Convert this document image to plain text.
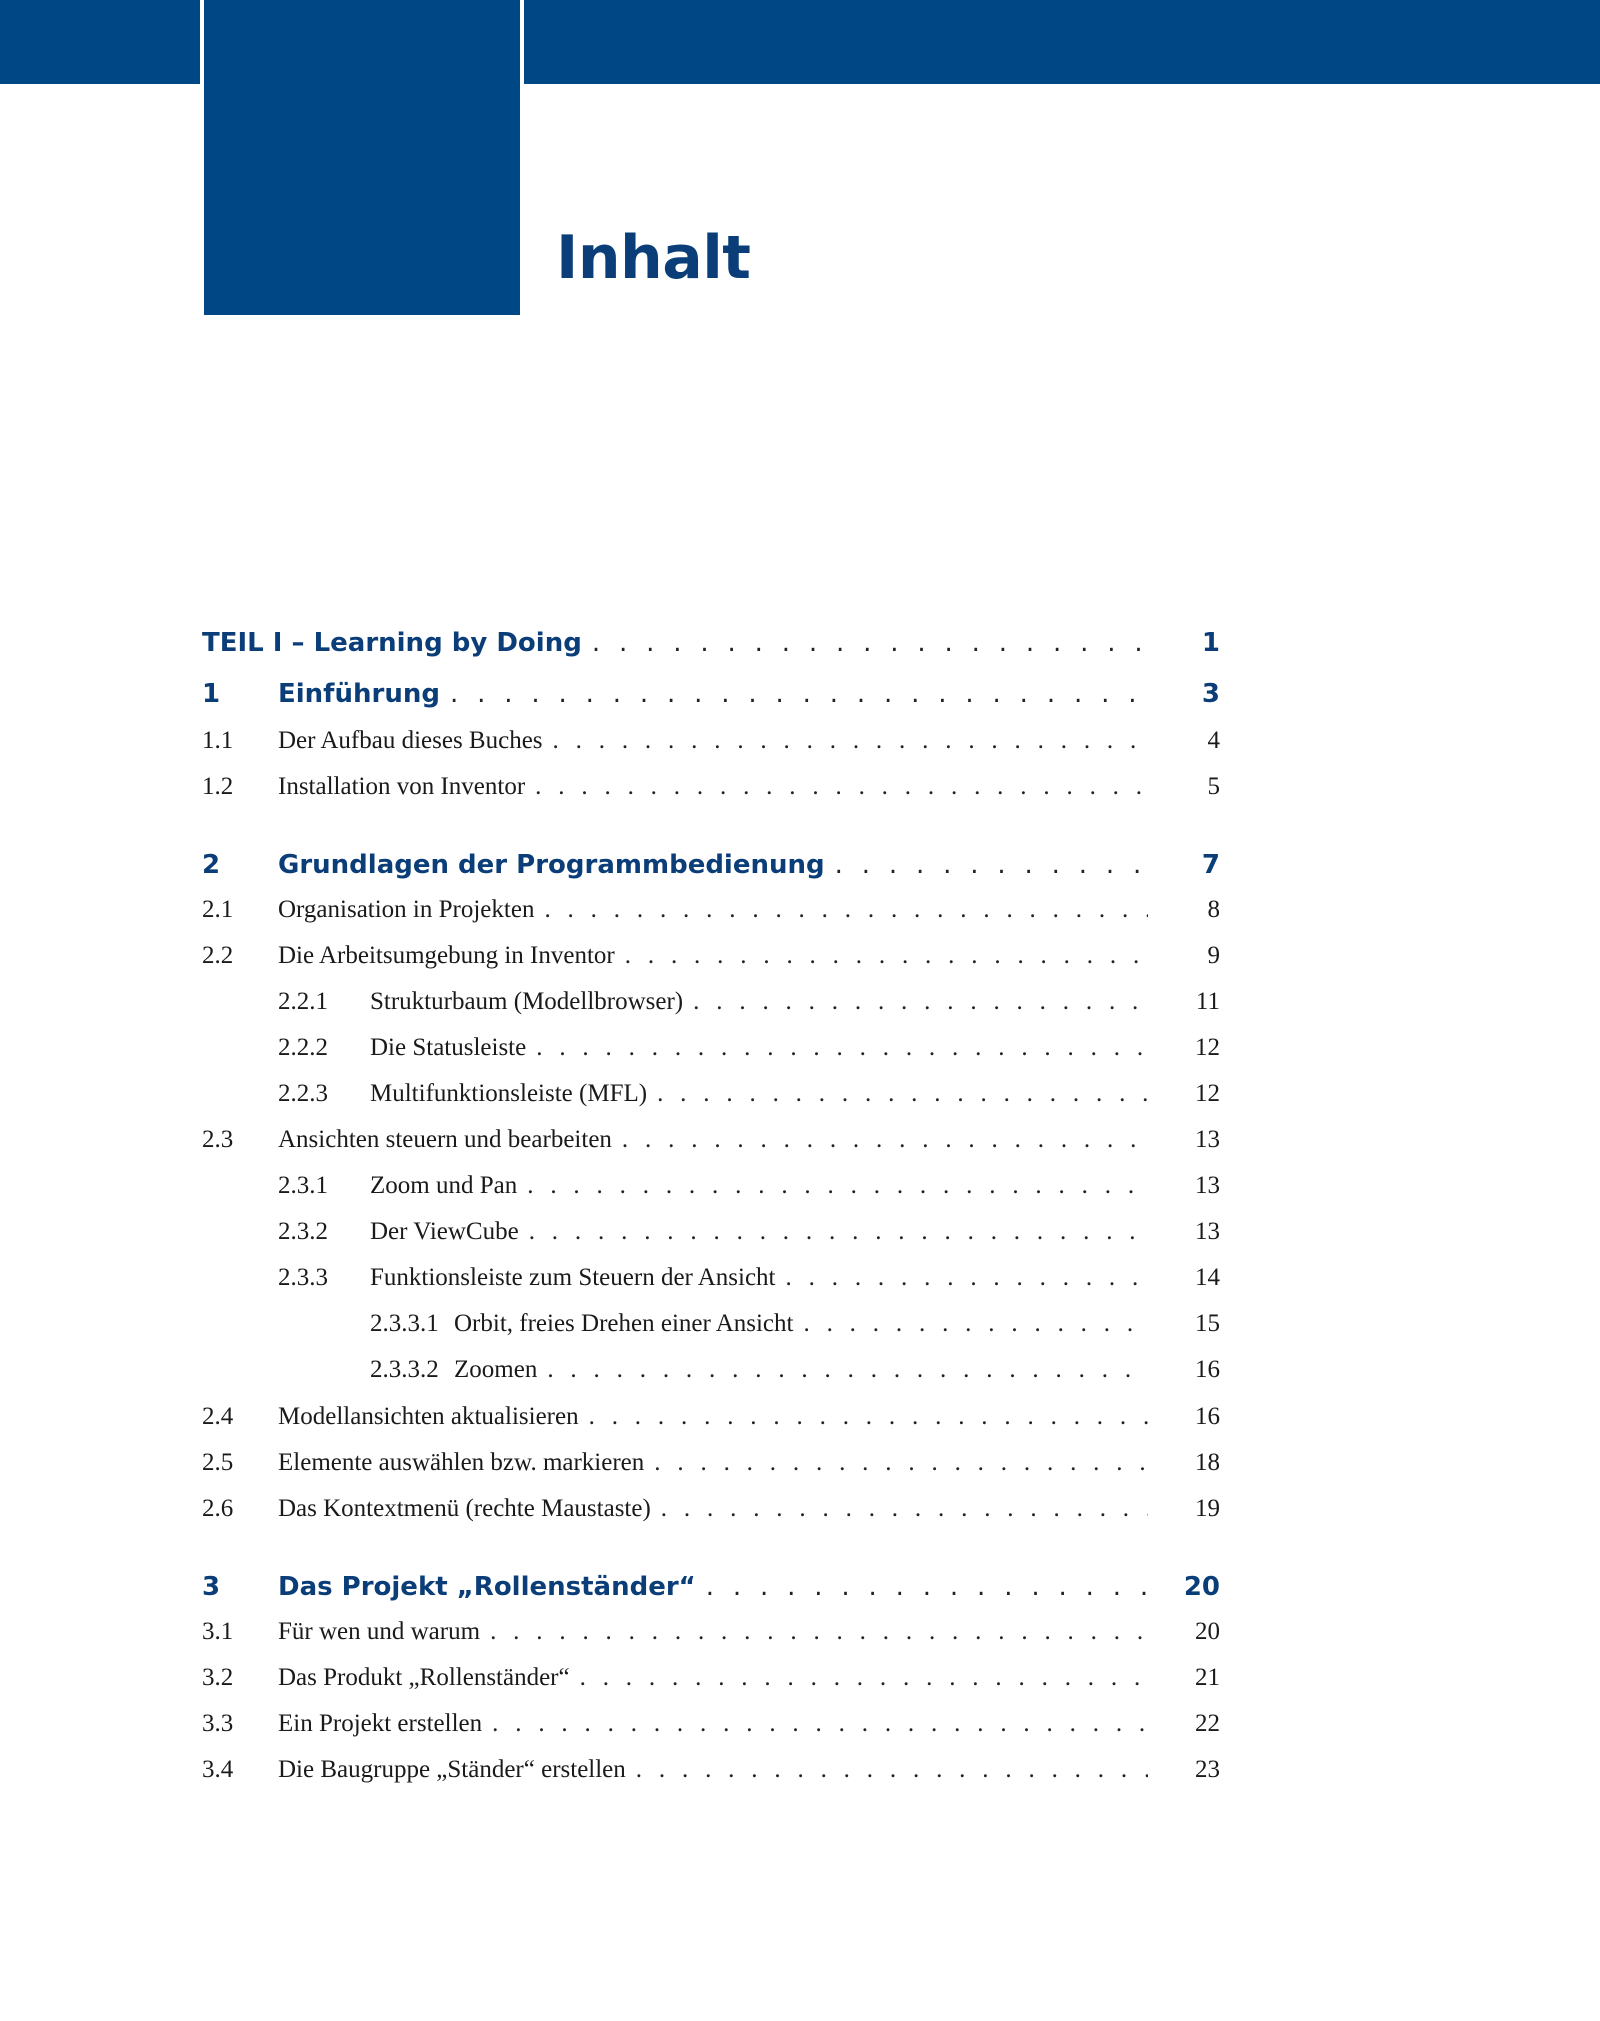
Inhalt
TEIL I – Learning by Doing . . .	1
1	Einführung . . .	3
1.1	Der Aufbau dieses Buches . . .	4
1.2	Installation von Inventor . . .	5
2	Grundlagen der Programmbedienung . . .	7
2.1	Organisation in Projekten . . .	8
2.2	Die Arbeitsumgebung in Inventor . . .	9
2.2.1	Strukturbaum (Modellbrowser) . . .	11
2.2.2	Die Statusleiste . . .	12
2.2.3	Multifunktionsleiste (MFL) . . .	12
2.3	Ansichten steuern und bearbeiten . . .	13
2.3.1	Zoom und Pan . . .	13
2.3.2	Der ViewCube . . .	13
2.3.3	Funktionsleiste zum Steuern der Ansicht . . .	14
2.3.3.1 Orbit, freies Drehen einer Ansicht . . .	15
2.3.3.2 Zoomen . . .	16
2.4	Modellansichten aktualisieren . . .	16
2.5	Elemente auswählen bzw. markieren . . .	18
2.6	Das Kontextmenü (rechte Maustaste) . . .	19
3	Das Projekt „Rollenständer“ . . .	20
3.1	Für wen und warum . . .	20
3.2	Das Produkt „Rollenständer“ . . .	21
3.3	Ein Projekt erstellen . . .	22
3.4	Die Baugruppe „Ständer“ erstellen . . .	23
